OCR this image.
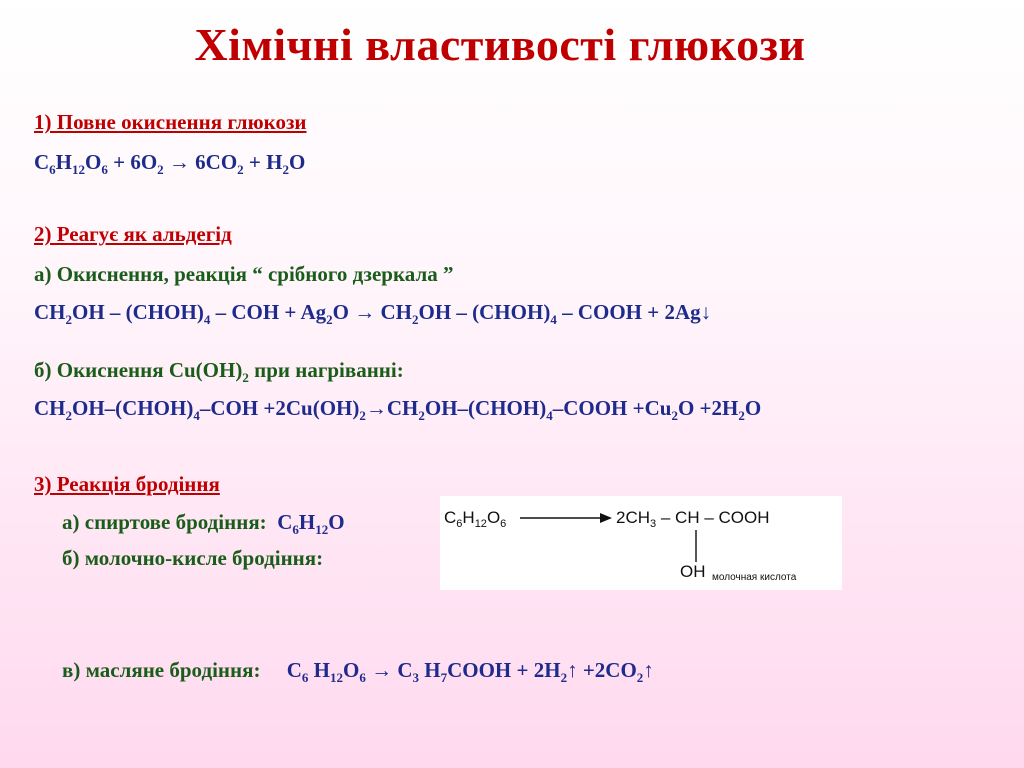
Хімічні властивості глюкози
1) Повне окиснення глюкози
$C_6H_{12}O_6 + 6O_2 \to 6CO_2 + H_2O$
2) Реагує як альдегід
а) Окиснення, реакція “ срібного дзеркала ”
$CH_2OH$ – $(CHOH)_4$ – COH + $Ag_2O \to CH_2OH$ – $(CHOH)_4$ – COOH + 2Ag↓
б) Окиснення $Cu(OH)_2$ при нагріванні:
$CH_2OH-(CHOH)_4$–COH $+2Cu(OH)_2\to CH_2OH-(CHOH)_4$–COOH $+Cu_2O +2H_2O$
3) Реакція бродіння
а) спиртове бродіння: $C_6H_{12}O$
б) молочно-кисле бродіння:
$C_6H_{12}O_6$	$2CH_3$ – CH – COOH
OH молочная кислота
в) масляне бродіння: $C_6$ $H_{12}O_6 \to C_3$ $H_7COOH$ + $2H_2↑$ $+2CO_2↑$
